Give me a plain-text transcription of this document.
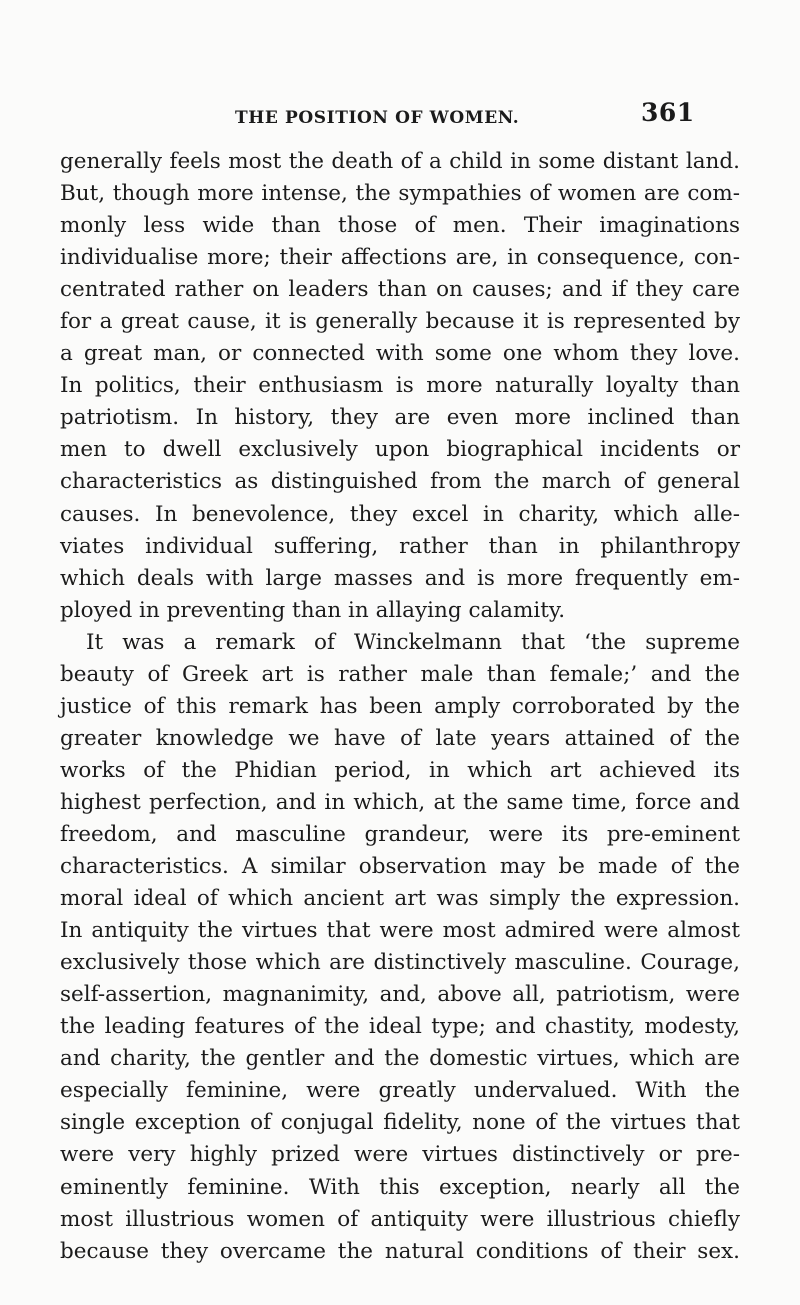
THE POSITION OF WOMEN.	361
generally feels most the death of a child in some distant land.
But, though more intense, the sympathies of women are com-
monly less wide than those of men. Their imaginations
individualise more; their affections are, in consequence, con-
centrated rather on leaders than on causes; and if they care
for a great cause, it is generally because it is represented by
a great man, or connected with some one whom they love.
In politics, their enthusiasm is more naturally loyalty than
patriotism. In history, they are even more inclined than
men to dwell exclusively upon biographical incidents or
characteristics as distinguished from the march of general
causes. In benevolence, they excel in charity, which alle-
viates individual suffering, rather than in philanthropy
which deals with large masses and is more frequently em-
ployed in preventing than in allaying calamity.
It was a remark of Winckelmann that ‘the supreme
beauty of Greek art is rather male than female;’ and the
justice of this remark has been amply corroborated by the
greater knowledge we have of late years attained of the
works of the Phidian period, in which art achieved its
highest perfection, and in which, at the same time, force and
freedom, and masculine grandeur, were its pre-eminent
characteristics. A similar observation may be made of the
moral ideal of which ancient art was simply the expression.
In antiquity the virtues that were most admired were almost
exclusively those which are distinctively masculine. Courage,
self-assertion, magnanimity, and, above all, patriotism, were
the leading features of the ideal type; and chastity, modesty,
and charity, the gentler and the domestic virtues, which are
especially feminine, were greatly undervalued. With the
single exception of conjugal fidelity, none of the virtues that
were very highly prized were virtues distinctively or pre-
eminently feminine. With this exception, nearly all the
most illustrious women of antiquity were illustrious chiefly
because they overcame the natural conditions of their sex.
